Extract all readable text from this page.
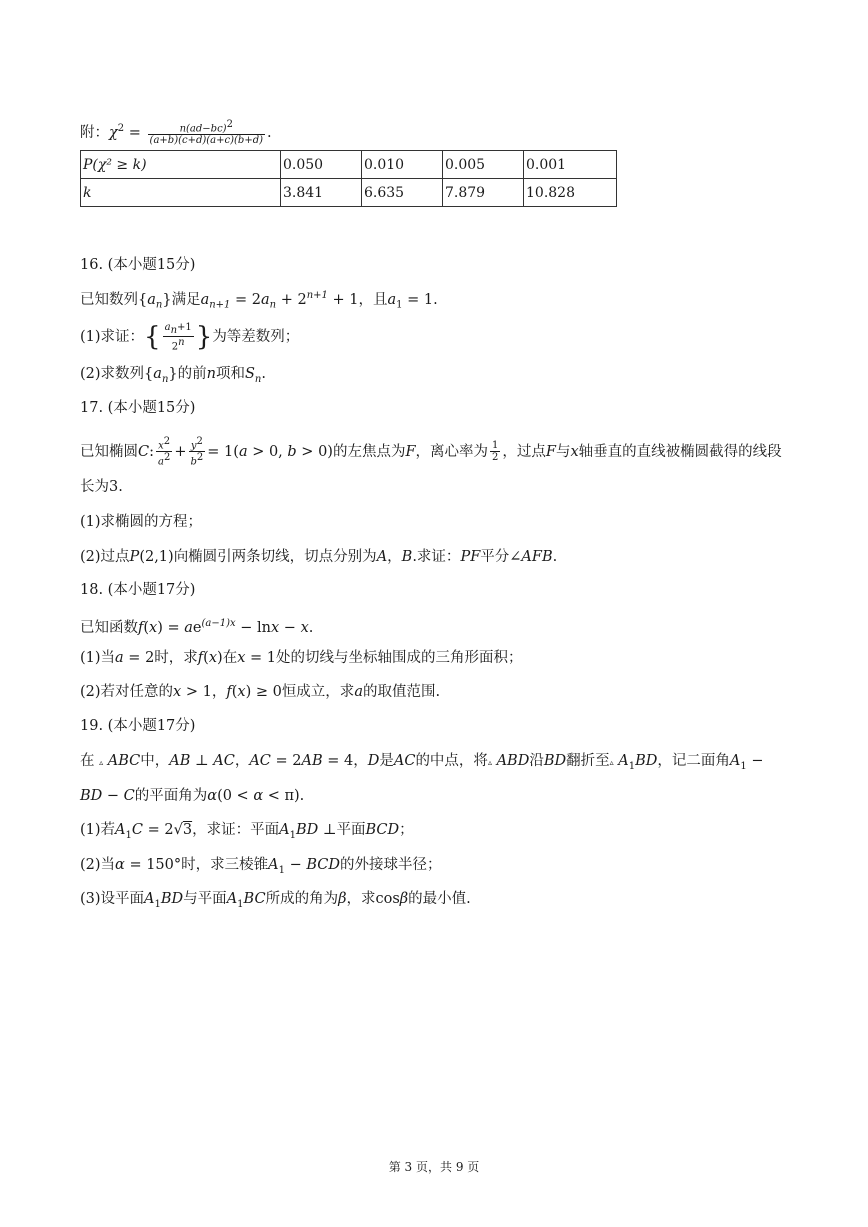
附：$\chi^2 = \frac{n(ad-bc)^2}{(a+b)(c+d)(a+c)(b+d)}$ .
P(χ² ≥ k)	0.050	0.010	0.005	0.001
k	3.841	6.635	7.879	10.828
16. (本小题15分)
已知数列$\{a_n\}$满足$a_{n+1} = 2a_n + 2^{n+1} + 1$，且$a_1 = 1$.
(1)求证：{ $\frac{a_n+1}{2^n}$ }为等差数列；
(2)求数列$\{a_n\}$的前n项和$S_n$.
17. (本小题15分)
已知椭圆C: $\frac{x^2}{a^2} + \frac{y^2}{b^2} = 1(a > 0$, b > 0)的左焦点为F，离心率为 $\frac{1}{2}$ ，过点F与x轴垂直的直线被椭圆截得的线段
长为3.
(1)求椭圆的方程；
(2)过点P(2,1)向椭圆引两条切线，切点分别为A，B.求证：PF平分∠AFB.
18. (本小题17分)
已知函数$f(x) = ae^{(a-1)x} - \ln x - x$.
(1)当a = 2时，求f(x)在x = 1处的切线与坐标轴围成的三角形面积；
(2)若对任意的x > 1，f(x) ≥ 0恒成立，求a的取值范围.
19. (本小题17分)
在 ▵ ABC中，AB ⊥ AC，AC = 2AB = 4，D是AC的中点，将▵ ABD沿BD翻折至▵ $A_1BD$，记二面角$A_1$ −
BD − C的平面角为α(0 < α < π).
(1)若$A_1C = 2√3$，求证：平面$A_1BD$ ⊥平面BCD；
(2)当α = 150°时，求三棱锥$A_1$ − BCD的外接球半径；
(3)设平面$A_1BD$与平面$A_1BC$所成的角为β，求cosβ的最小值.
第 3 页，共 9 页
